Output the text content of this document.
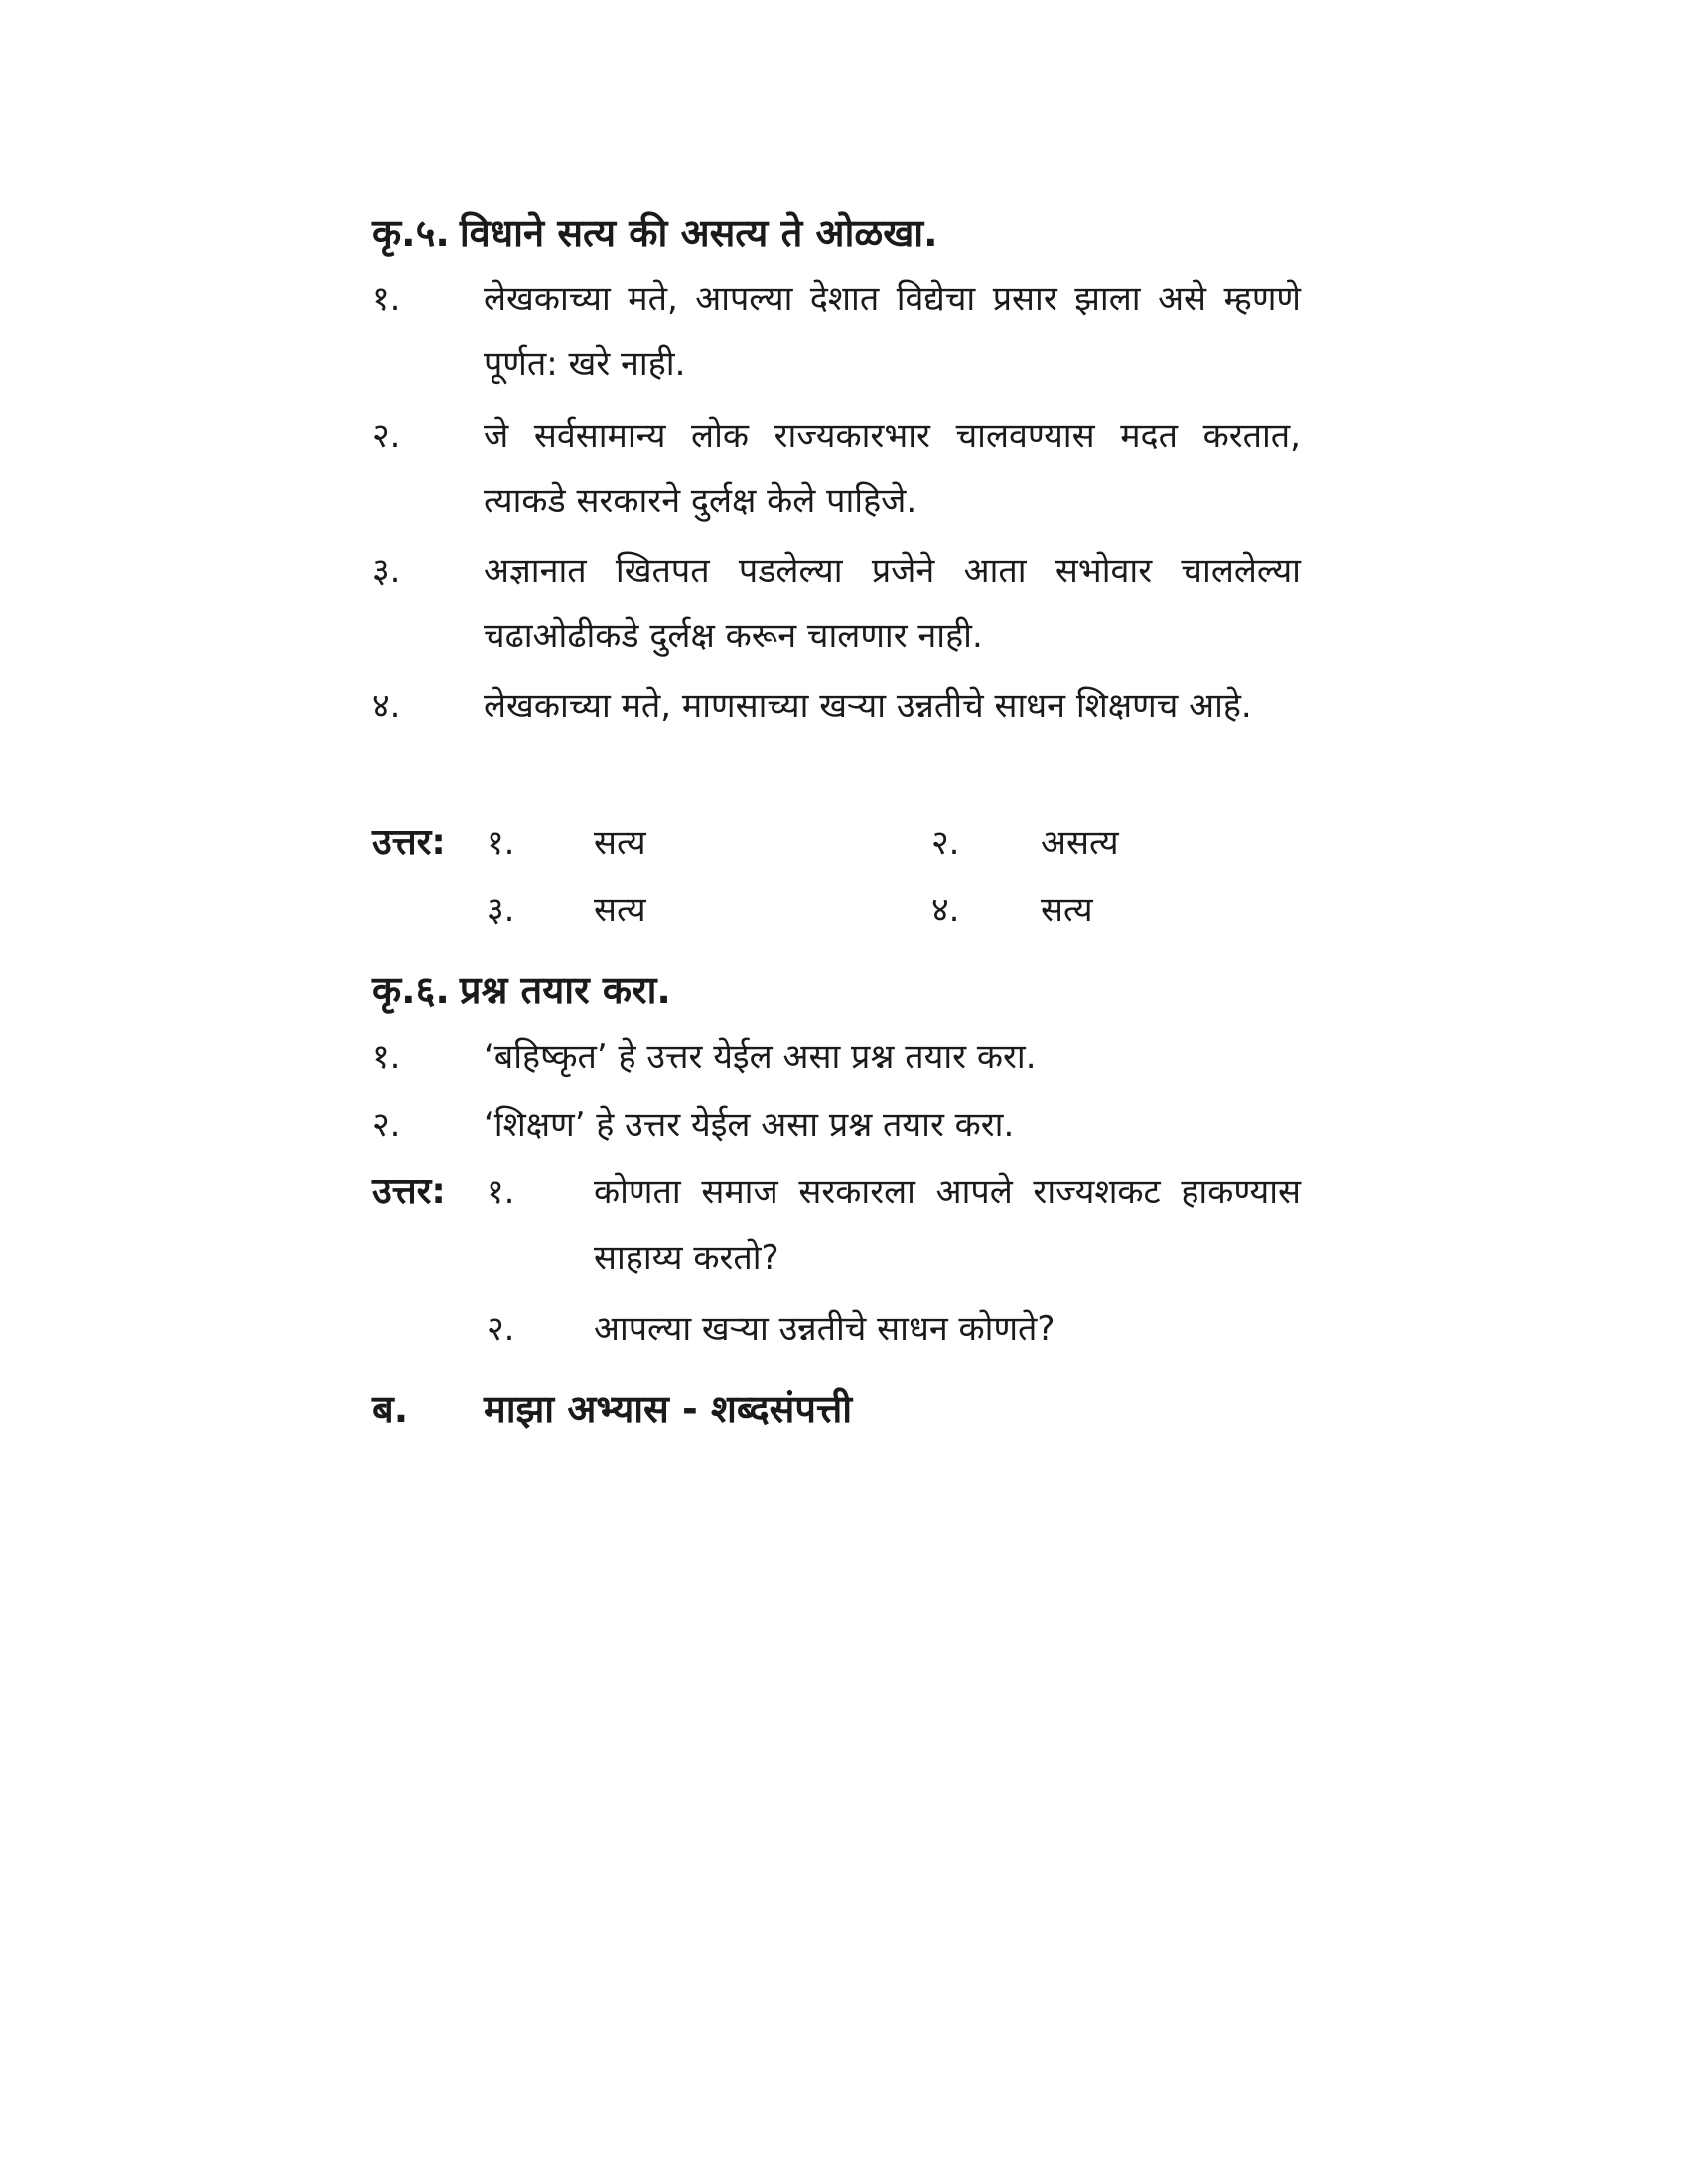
कृ.५. विधाने सत्य की असत्य ते ओळखा.
१.	लेखकाच्या मते, आपल्या देशात विद्येचा प्रसार झाला असे म्हणणे पूर्णत: खरे नाही.
२.	जे सर्वसामान्य लोक राज्यकारभार चालवण्यास मदत करतात, त्याकडे सरकारने दुर्लक्ष केले पाहिजे.
३.	अज्ञानात खितपत पडलेल्या प्रजेने आता सभोवार चाललेल्या चढाओढीकडे दुर्लक्ष करून चालणार नाही.
४.	लेखकाच्या मते, माणसाच्या खऱ्या उन्नतीचे साधन शिक्षणच आहे.
उत्तर: १. सत्य	२. असत्य
३. सत्य	४. सत्य
कृ.६. प्रश्न तयार करा.
१.	‘बहिष्कृत’ हे उत्तर येईल असा प्रश्न तयार करा.
२.	‘शिक्षण’ हे उत्तर येईल असा प्रश्न तयार करा.
उत्तर: १. कोणता समाज सरकारला आपले राज्यशकट हाकण्यास साहाय्य करतो?
२. आपल्या खऱ्या उन्नतीचे साधन कोणते?
ब. माझा अभ्यास - शब्दसंपत्ती
